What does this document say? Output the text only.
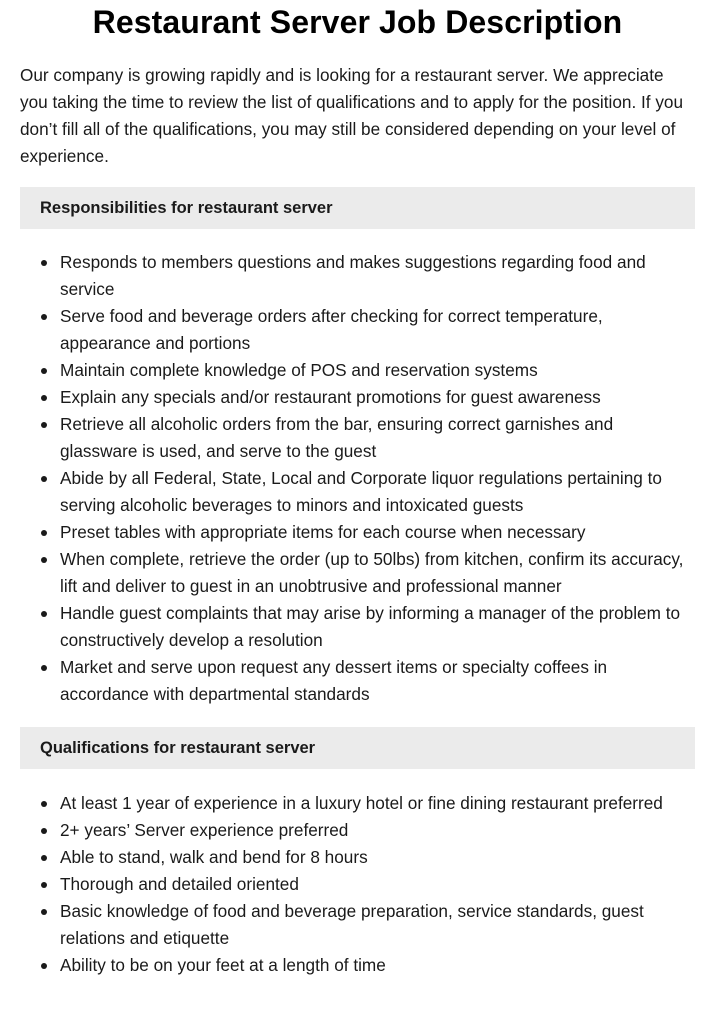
Restaurant Server Job Description

Our company is growing rapidly and is looking for a restaurant server. We appreciate you taking the time to review the list of qualifications and to apply for the position. If you don’t fill all of the qualifications, you may still be considered depending on your level of experience.

Responsibilities for restaurant server
Responds to members questions and makes suggestions regarding food and service
Serve food and beverage orders after checking for correct temperature, appearance and portions
Maintain complete knowledge of POS and reservation systems
Explain any specials and/or restaurant promotions for guest awareness
Retrieve all alcoholic orders from the bar, ensuring correct garnishes and glassware is used, and serve to the guest
Abide by all Federal, State, Local and Corporate liquor regulations pertaining to serving alcoholic beverages to minors and intoxicated guests
Preset tables with appropriate items for each course when necessary
When complete, retrieve the order (up to 50lbs) from kitchen, confirm its accuracy, lift and deliver to guest in an unobtrusive and professional manner
Handle guest complaints that may arise by informing a manager of the problem to constructively develop a resolution
Market and serve upon request any dessert items or specialty coffees in accordance with departmental standards
Qualifications for restaurant server
At least 1 year of experience in a luxury hotel or fine dining restaurant preferred
2+ years’ Server experience preferred
Able to stand, walk and bend for 8 hours
Thorough and detailed oriented
Basic knowledge of food and beverage preparation, service standards, guest relations and etiquette
Ability to be on your feet at a length of time
